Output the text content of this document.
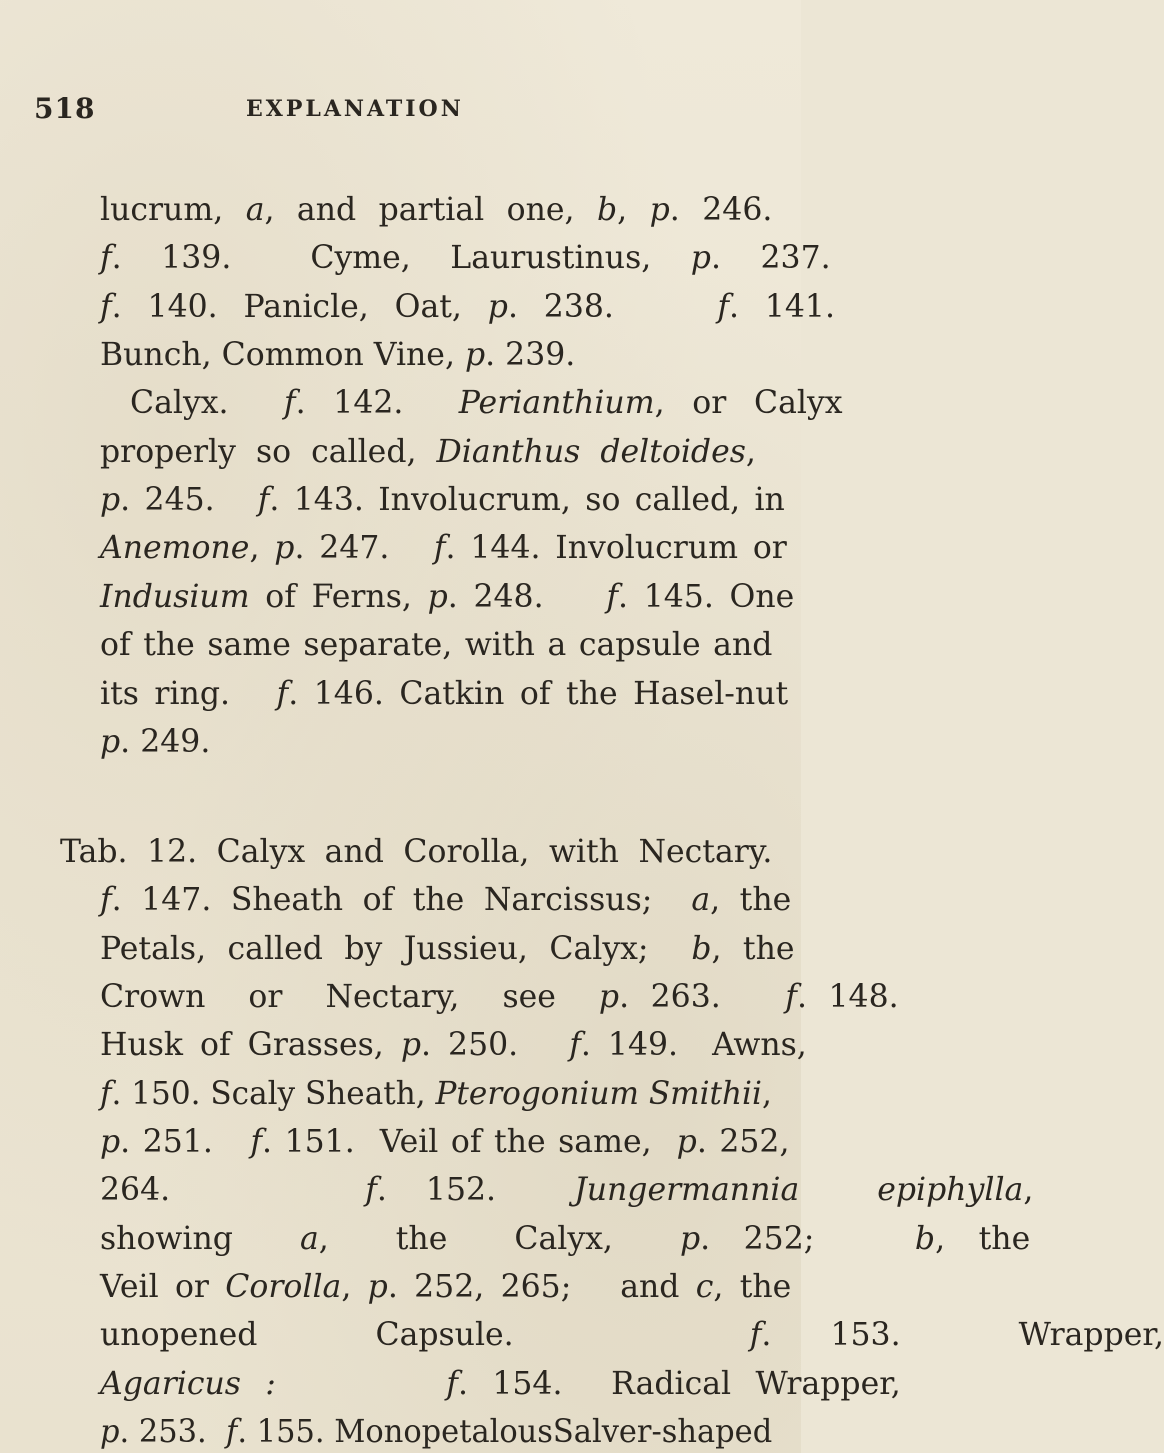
518	EXPLANATION
lucrum, a, and partial one, b, p. 246.
f. 139.  Cyme, Laurustinus, p. 237.
f. 140. Panicle, Oat, p. 238.    f. 141.
Bunch, Common Vine, p. 239.
Calyx.  f. 142.  Perianthium, or Calyx
properly  so  called,  Dianthus  deltoides,
p. 245.   f. 143. Involucrum, so called, in
Anemone, p. 247.   f. 144. Involucrum or
Indusium of Ferns, p. 248.    f. 145. One
of the same separate, with a capsule and
its ring.   f. 146. Catkin of the Hasel-nut
p. 249.
Tab. 12. Calyx and Corolla, with Nectary.
f. 147. Sheath of the Narcissus;  a, the
Petals, called by Jussieu, Calyx;  b, the
Crown  or  Nectary,  see  p. 263.   f. 148.
Husk of Grasses, p. 250.   f. 149.  Awns,
f. 150. Scaly Sheath, Pterogonium Smithii,
p. 251.   f. 151.  Veil of the same,  p. 252,
264.     f. 152.  Jungermannia  epiphylla,
showing  a,  the  Calyx,  p. 252;   b, the
Veil or Corolla, p. 252, 265;   and c, the
unopened  Capsule.    f. 153.  Wrapper,
Agaricus :	f. 154.  Radical Wrapper,
p. 253.  f. 155. MonopetalousSalver-shaped
